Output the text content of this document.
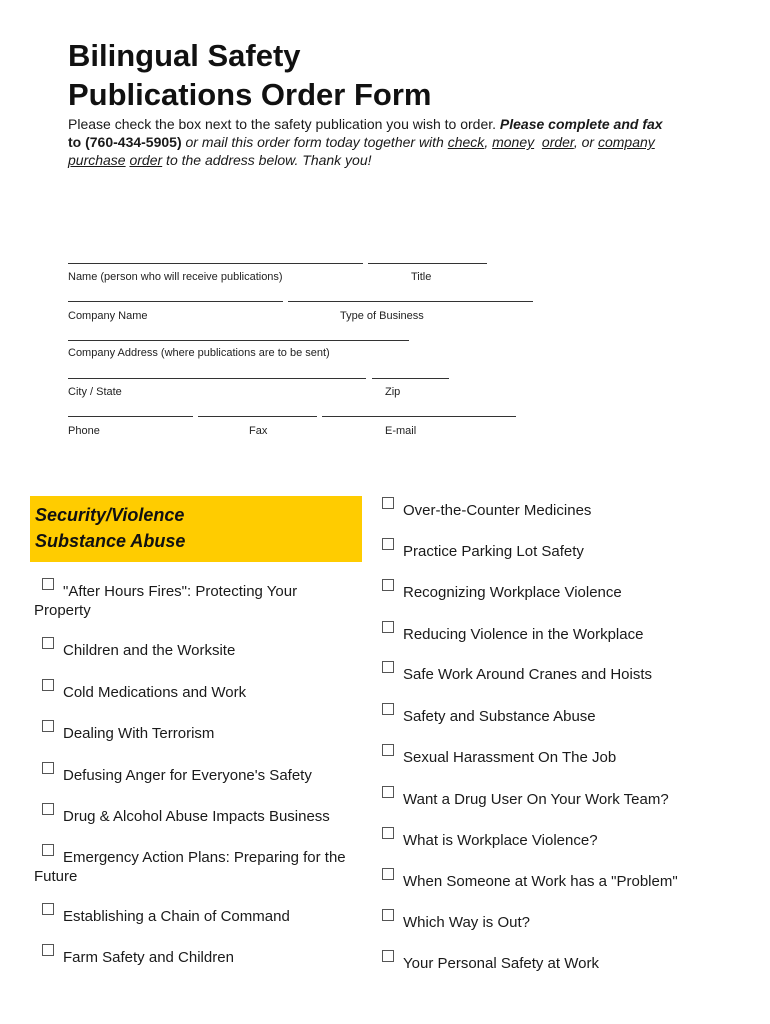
Bilingual Safety
Publications Order Form
Please check the box next to the safety publication you wish to order. Please complete and fax
to (760-434-5905) or mail this order form today together with check, money order, or company
purchase order to the address below. Thank you!
Name (person who will receive publications)	Title
Company Name	Type of Business
Company Address (where publications are to be sent)
City / State	Zip
Phone	Fax	E-mail
Security/Violence
Substance Abuse
"After Hours Fires": Protecting Your Property
Children and the Worksite
Cold Medications and Work
Dealing With Terrorism
Defusing Anger for Everyone's Safety
Drug & Alcohol Abuse Impacts Business
Emergency Action Plans: Preparing for the Future
Establishing a Chain of Command
Farm Safety and Children
Over-the-Counter Medicines
Practice Parking Lot Safety
Recognizing Workplace Violence
Reducing Violence in the Workplace
Safe Work Around Cranes and Hoists
Safety and Substance Abuse
Sexual Harassment On The Job
Want a Drug User On Your Work Team?
What is Workplace Violence?
When Someone at Work has a "Problem"
Which Way is Out?
Your Personal Safety at Work
